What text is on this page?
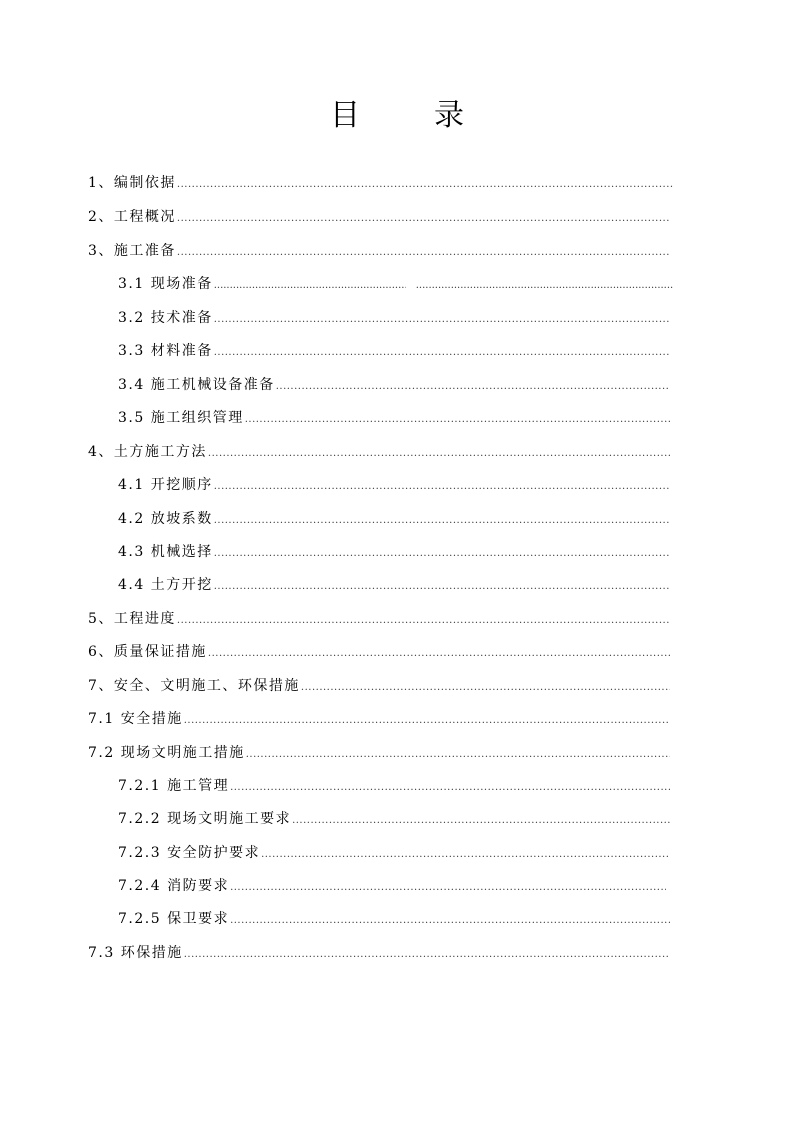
目 录
1、编制依据
.....
2、工程概况
.....
3、施工准备
.....
3.1 现场准备
.....
.....
3.2 技术准备
.....
3.3 材料准备
.....
3.4 施工机械设备准备
.....
3.5 施工组织管理
.....
4、土方施工方法
.....
4.1 开挖顺序
.....
4.2 放坡系数
.....
4.3 机械选择
.....
4.4 土方开挖
.....
5、工程进度
.....
6、质量保证措施
.....
7、安全、文明施工、环保措施
.....
7.1 安全措施
.....
7.2 现场文明施工措施
.....
7.2.1 施工管理
.....
7.2.2 现场文明施工要求
.....
7.2.3 安全防护要求
.....
7.2.4 消防要求
.....
7.2.5 保卫要求
.....
7.3 环保措施
.....
